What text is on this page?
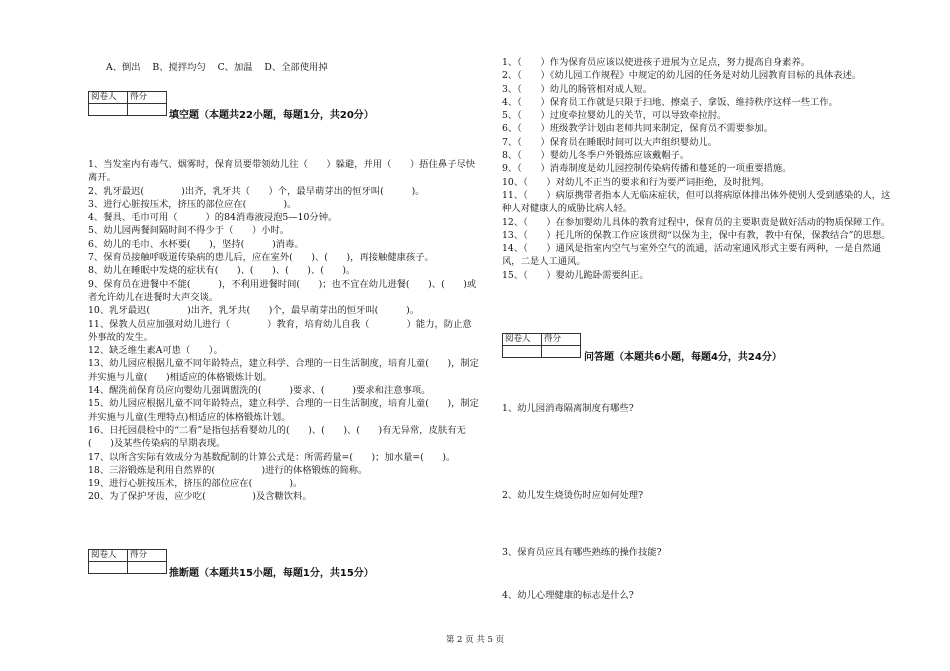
A、倒出    B、搅拌均匀    C、加温    D、全部使用掉
阅卷人	得分

填空题（本题共22小题，每题1分，共20分）
1、当发室内有毒气、烟雾时，保育员要带领幼儿往（　　）躲避，并用（　　）捂住鼻子尽快离开。
2、乳牙最迟(　　　　)出齐，乳牙共（　　）个，最早萌芽出的恒牙叫(　　　)。
3、进行心脏按压术，挤压的部位应在(　　　　)。
4、餐具、毛巾可用（　　　）的84消毒液浸泡5—10分钟。
5、幼儿园两餐间隔时间不得少于（　　）小时。
6、幼儿的毛巾、水杯要(　　)，坚持(　　　)消毒。
7、保育员接触呼吸道传染病的患儿后，应在室外(　　)、(　　)，再接触健康孩子。
8、幼儿在睡眠中发烧的症状有(　　)、(　　)、(　　)、(　　)。
9、保育员在进餐中不能(　　　)，不利用进餐时间(　　)；也不宜在幼儿进餐(　　)、(　　)或者允许幼儿在进餐时大声交谈。
10、乳牙最迟(　　　　)出齐，乳牙共(　　)个，最早萌芽出的恒牙叫(　　　)。
11、保教人员应加强对幼儿进行（　　　　）教育，培育幼儿自我（　　　　）能力，防止意外事故的发生。
12、缺乏维生素A可患（　　）。
13、幼儿园应根据儿童不同年龄特点，建立科学、合理的一日生活制度，培育儿童(　　)，制定并实施与儿童(　　)相适应的体格锻炼计划。
14、醒洗前保育员应向婴幼儿强调盥洗的(　　　)要求、(　　　)要求和注意事项。
15、幼儿园应根据儿童不同年龄特点，建立科学、合理的一日生活制度，培育儿童(　　)，制定并实施与儿童(生理特点)相适应的体格锻炼计划。
16、日托园晨检中的“二看”是指包括看婴幼儿的(　　)、(　　)、(　　)有无异常，皮肤有无(　　)及某些传染病的早期表现。
17、以所含实际有效成分为基数配制的计算公式是：所需药量=(　　)；加水量=(　　)。
18、三浴锻炼是利用自然界的(　　　　　)进行的体格锻炼的简称。
19、进行心脏按压术，挤压的部位应在(　　　　)。
20、为了保护牙齿，应少吃(　　　　　)及含糖饮料。
阅卷人	得分

推断题（本题共15小题，每题1分，共15分）
1、（　　）作为保育员应该以使进孩子进展为立足点，努力提高自身素养。
2、（　　）《幼儿园工作规程》中规定的幼儿园的任务是对幼儿园教育目标的具体表述。
3、（　　）幼儿的肠管相对成人短。
4、（　　）保育员工作就是只限于扫地、擦桌子、拿饭、维持秩序这样一些工作。
5、（　　）过度牵拉婴幼儿的关节，可以导致牵拉肘。
6、（　　）班级教学计划由老师共同来制定，保育员不需要参加。
7、（　　）保育员在睡眠时间可以大声组织婴幼儿。
8、（　　）婴幼儿冬季户外锻炼应该戴帽子。
9、（　　）消毒制度是幼儿园控制传染病传播和蔓延的一项重要措施。
10、（　　）对幼儿不正当的要求和行为要严词拒绝，及时批判。
11、（　　）病原携带者指本人无临床症状，但可以将病原体排出体外使别人受到感染的人，这种人对健康人的威胁比病人轻。
12、（　　）在参加婴幼儿具体的教育过程中，保育员的主要职责是做好活动的物质保障工作。
13、（　　）托儿所的保教工作应该贯彻“以保为主，保中有教，教中有保，保教结合”的思想。
14、（　　）通风是指室内空气与室外空气的流通，活动室通风形式主要有两种，一是自然通风，二是人工通风。
15、（　　）婴幼儿跪卧需要纠正。
阅卷人	得分

问答题（本题共6小题，每题4分，共24分）
1、幼儿园消毒隔离制度有哪些?
2、幼儿发生烧烫伤时应如何处理?
3、保育员应具有哪些熟练的操作技能?
4、幼儿心理健康的标志是什么?
第 2 页 共 5 页
